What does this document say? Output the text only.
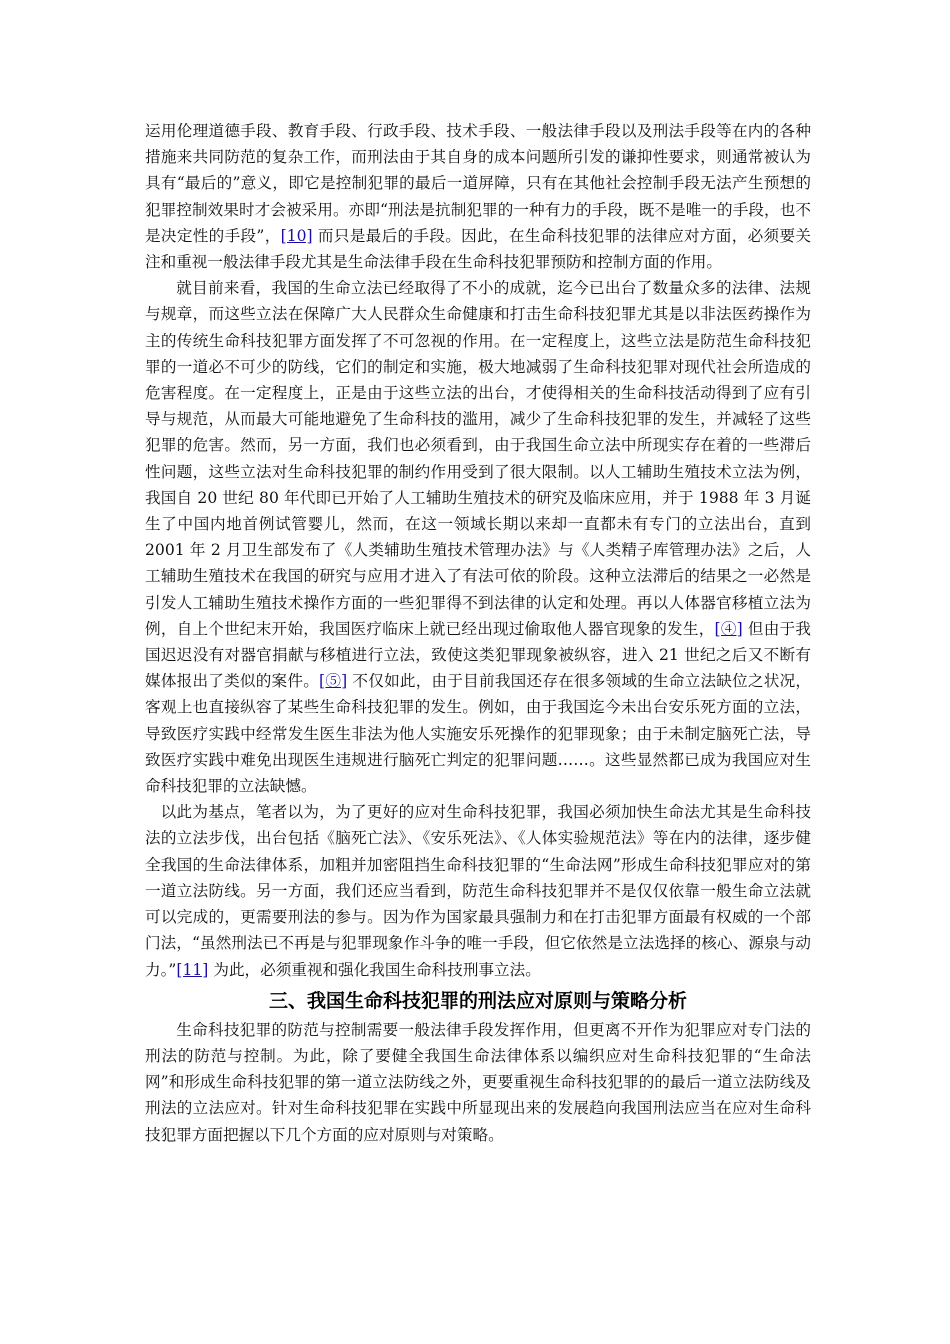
运用伦理道德手段、教育手段、行政手段、技术手段、一般法律手段以及刑法手段等在内的各种措施来共同防范的复杂工作，而刑法由于其自身的成本问题所引发的谦抑性要求，则通常被认为具有“最后的”意义，即它是控制犯罪的最后一道屏障，只有在其他社会控制手段无法产生预想的犯罪控制效果时才会被采用。亦即“刑法是抗制犯罪的一种有力的手段，既不是唯一的手段，也不是决定性的手段”，[10] 而只是最后的手段。因此，在生命科技犯罪的法律应对方面，必须要关注和重视一般法律手段尤其是生命法律手段在生命科技犯罪预防和控制方面的作用。

就目前来看，我国的生命立法已经取得了不小的成就，迄今已出台了数量众多的法律、法规与规章，而这些立法在保障广大人民群众生命健康和打击生命科技犯罪尤其是以非法医药操作为主的传统生命科技犯罪方面发挥了不可忽视的作用。在一定程度上，这些立法是防范生命科技犯罪的一道必不可少的防线，它们的制定和实施，极大地减弱了生命科技犯罪对现代社会所造成的危害程度。在一定程度上，正是由于这些立法的出台，才使得相关的生命科技活动得到了应有引导与规范，从而最大可能地避免了生命科技的滥用，减少了生命科技犯罪的发生，并减轻了这些犯罪的危害。然而，另一方面，我们也必须看到，由于我国生命立法中所现实存在着的一些滞后性问题，这些立法对生命科技犯罪的制约作用受到了很大限制。以人工辅助生殖技术立法为例，我国自 20 世纪 80 年代即已开始了人工辅助生殖技术的研究及临床应用，并于 1988 年 3 月诞生了中国内地首例试管婴儿，然而，在这一领域长期以来却一直都未有专门的立法出台，直到 2001 年 2 月卫生部发布了《人类辅助生殖技术管理办法》与《人类精子库管理办法》之后，人工辅助生殖技术在我国的研究与应用才进入了有法可依的阶段。这种立法滞后的结果之一必然是引发人工辅助生殖技术操作方面的一些犯罪得不到法律的认定和处理。再以人体器官移植立法为例，自上个世纪末开始，我国医疗临床上就已经出现过偷取他人器官现象的发生，[④] 但由于我国迟迟没有对器官捐献与移植进行立法，致使这类犯罪现象被纵容，进入 21 世纪之后又不断有媒体报出了类似的案件。[⑤] 不仅如此，由于目前我国还存在很多领域的生命立法缺位之状况，客观上也直接纵容了某些生命科技犯罪的发生。例如，由于我国迄今未出台安乐死方面的立法，导致医疗实践中经常发生医生非法为他人实施安乐死操作的犯罪现象；由于未制定脑死亡法，导致医疗实践中难免出现医生违规进行脑死亡判定的犯罪问题……。这些显然都已成为我国应对生命科技犯罪的立法缺憾。

以此为基点，笔者以为，为了更好的应对生命科技犯罪，我国必须加快生命法尤其是生命科技法的立法步伐，出台包括《脑死亡法》、《安乐死法》、《人体实验规范法》等在内的法律，逐步健全我国的生命法律体系，加粗并加密阻挡生命科技犯罪的“生命法网”形成生命科技犯罪应对的第一道立法防线。另一方面，我们还应当看到，防范生命科技犯罪并不是仅仅依靠一般生命立法就可以完成的，更需要刑法的参与。因为作为国家最具强制力和在打击犯罪方面最有权威的一个部门法，“虽然刑法已不再是与犯罪现象作斗争的唯一手段，但它依然是立法选择的核心、源泉与动力。”[11] 为此，必须重视和强化我国生命科技刑事立法。

三、我国生命科技犯罪的刑法应对原则与策略分析

生命科技犯罪的防范与控制需要一般法律手段发挥作用，但更离不开作为犯罪应对专门法的刑法的防范与控制。为此，除了要健全我国生命法律体系以编织应对生命科技犯罪的“生命法网”和形成生命科技犯罪的第一道立法防线之外，更要重视生命科技犯罪的的最后一道立法防线及刑法的立法应对。针对生命科技犯罪在实践中所显现出来的发展趋向我国刑法应当在应对生命科技犯罪方面把握以下几个方面的应对原则与对策略。
